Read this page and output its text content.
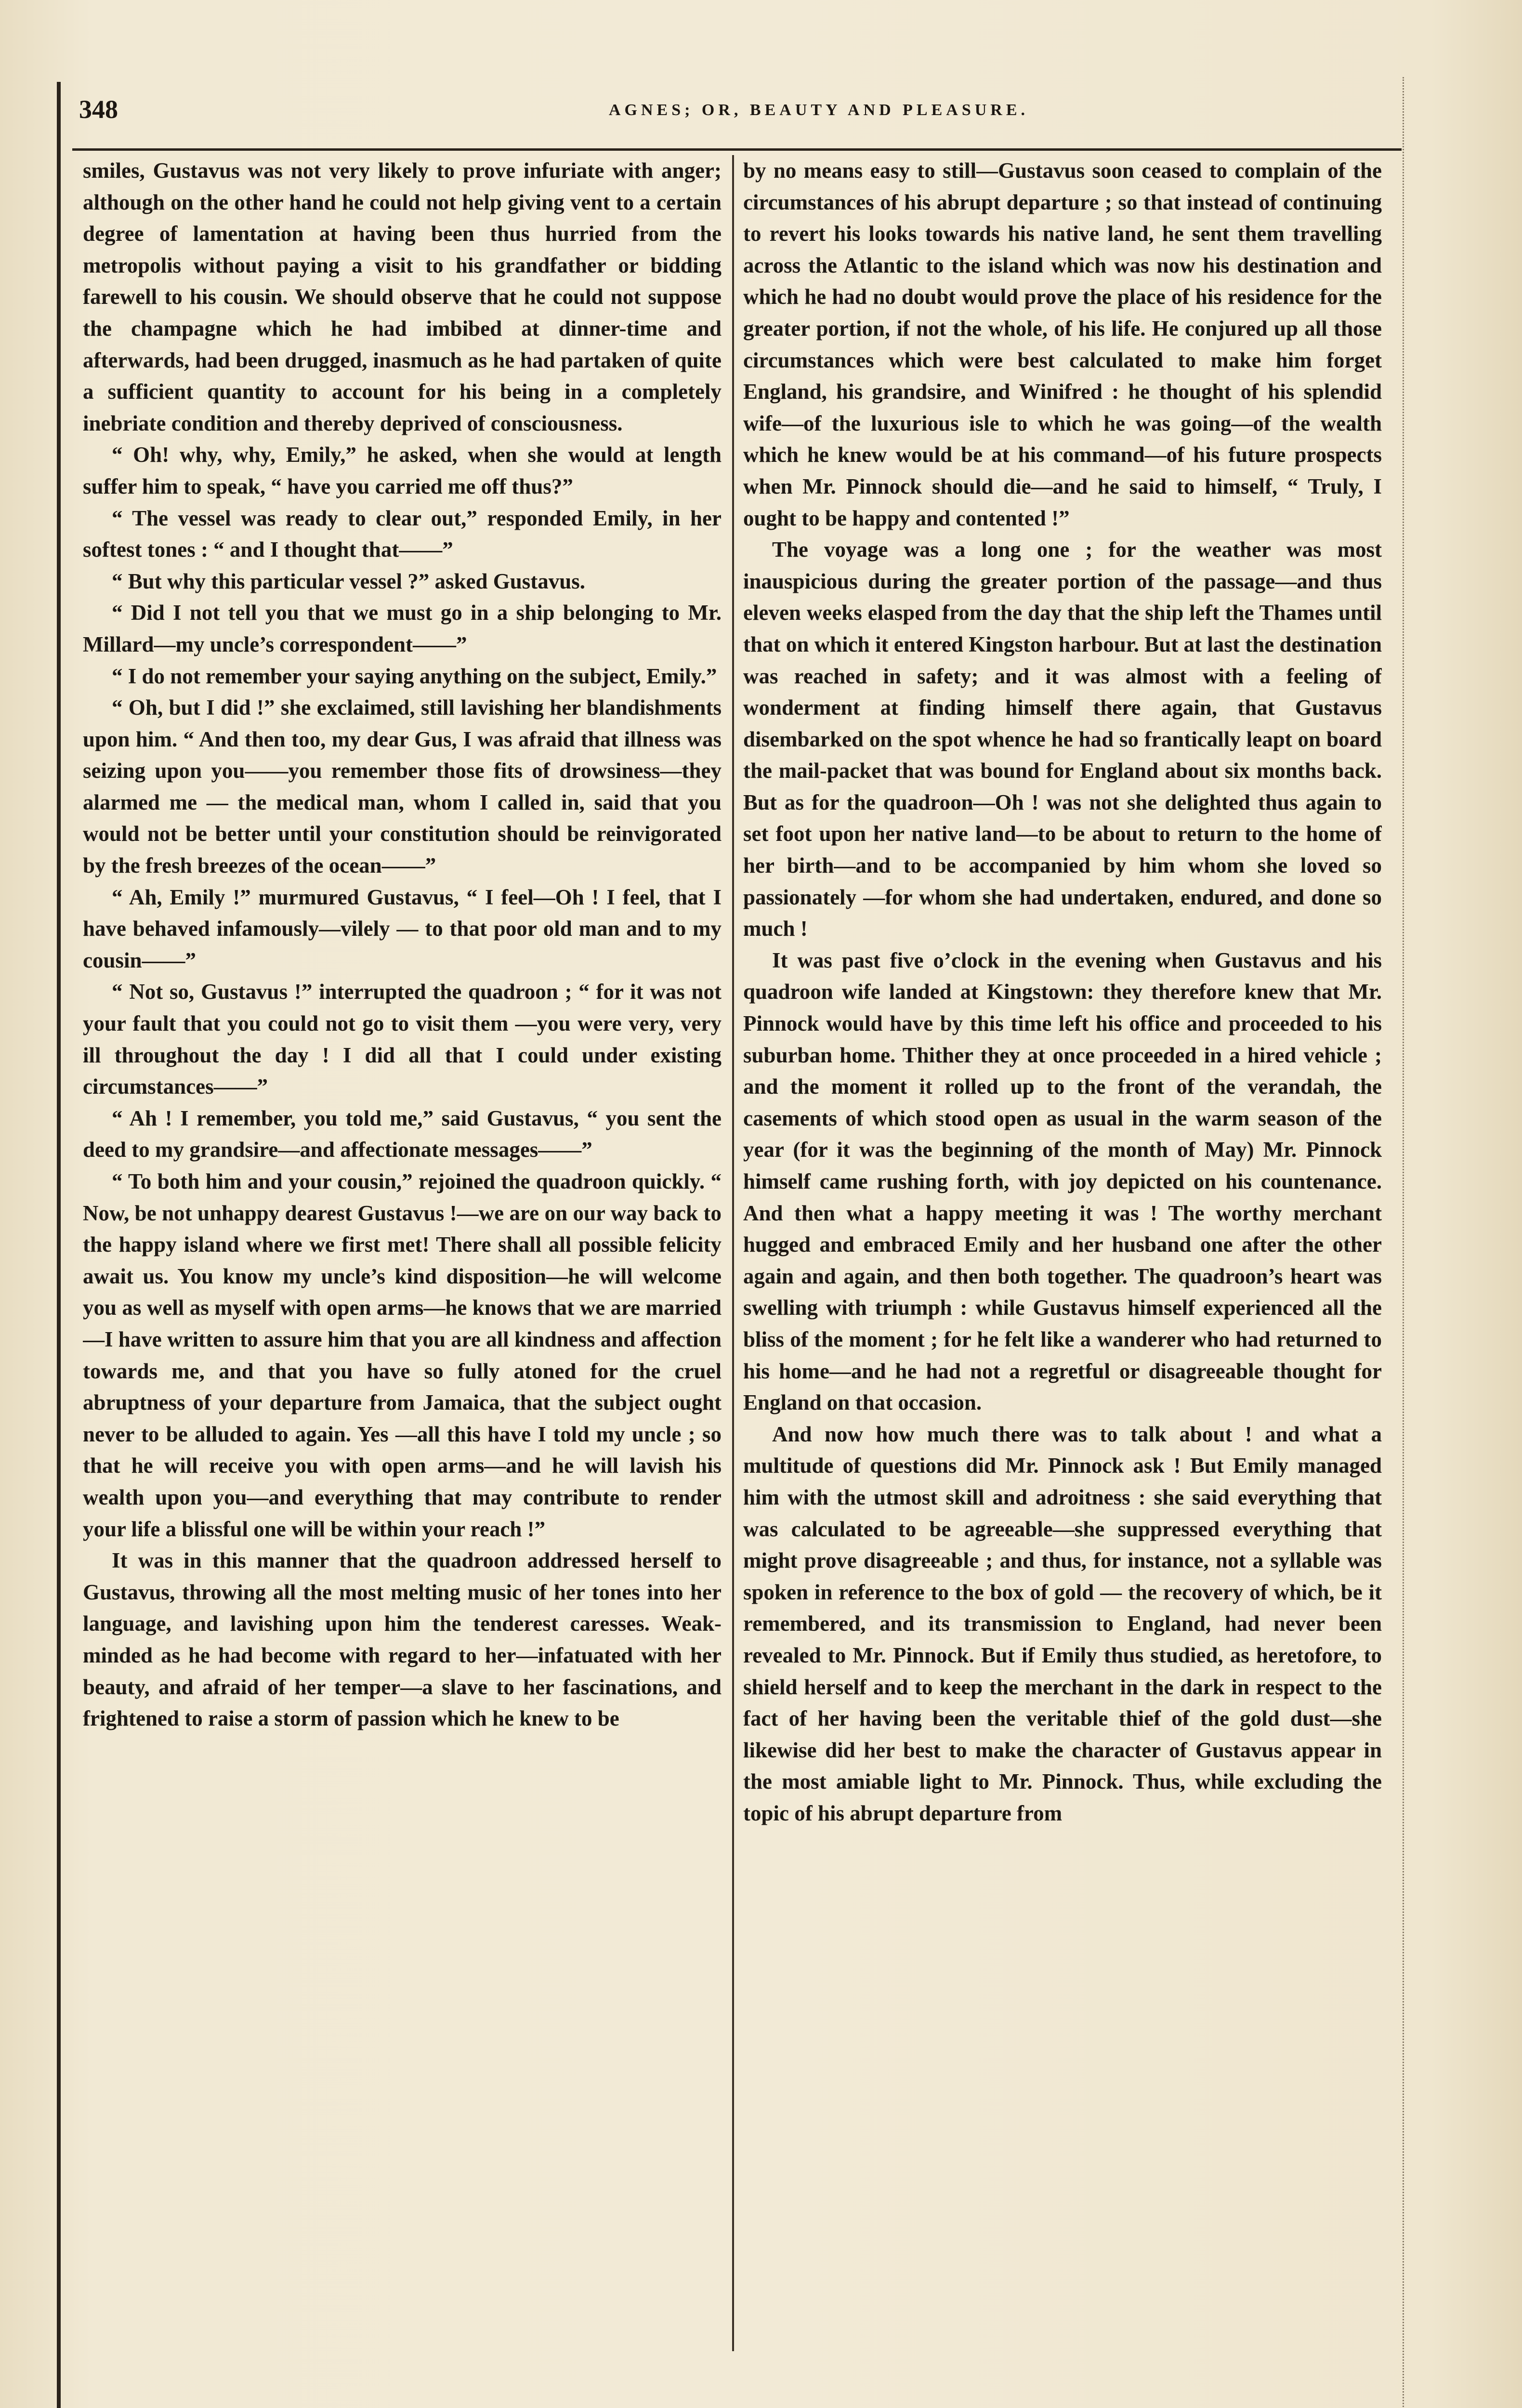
348	AGNES; OR, BEAUTY AND PLEASURE.

smiles, Gustavus was not very likely to prove infuriate with anger; although on the other hand he could not help giving vent to a certain degree of lamentation at having been thus hurried from the metropolis without paying a visit to his grandfather or bidding farewell to his cousin. We should observe that he could not suppose the champagne which he had imbibed at dinner-time and afterwards, had been drugged, inasmuch as he had partaken of quite a sufficient quantity to account for his being in a completely inebriate condition and thereby deprived of consciousness.

“ Oh! why, why, Emily,” he asked, when she would at length suffer him to speak, “ have you carried me off thus?”

“ The vessel was ready to clear out,” responded Emily, in her softest tones : “ and I thought that——”

“ But why this particular vessel ?” asked Gustavus.

“ Did I not tell you that we must go in a ship belonging to Mr. Millard—my uncle’s correspondent——”

“ I do not remember your saying anything on the subject, Emily.”

“ Oh, but I did !” she exclaimed, still lavishing her blandishments upon him. “ And then too, my dear Gus, I was afraid that illness was seizing upon you——you remember those fits of drowsiness—they alarmed me — the medical man, whom I called in, said that you would not be better until your constitution should be reinvigorated by the fresh breezes of the ocean——”

“ Ah, Emily !” murmured Gustavus, “ I feel—Oh ! I feel, that I have behaved infamously—vilely — to that poor old man and to my cousin——”

“ Not so, Gustavus !” interrupted the quadroon ; “ for it was not your fault that you could not go to visit them —you were very, very ill throughout the day ! I did all that I could under existing circumstances——”

“ Ah ! I remember, you told me,” said Gustavus, “ you sent the deed to my grandsire—and affectionate messages——”

“ To both him and your cousin,” rejoined the quadroon quickly. “ Now, be not unhappy dearest Gustavus !—we are on our way back to the happy island where we first met! There shall all possible felicity await us. You know my uncle’s kind disposition—he will welcome you as well as myself with open arms—he knows that we are married—I have written to assure him that you are all kindness and affection towards me, and that you have so fully atoned for the cruel abruptness of your departure from Jamaica, that the subject ought never to be alluded to again. Yes —all this have I told my uncle ; so that he will receive you with open arms—and he will lavish his wealth upon you—and everything that may contribute to render your life a blissful one will be within your reach !”

It was in this manner that the quadroon addressed herself to Gustavus, throwing all the most melting music of her tones into her language, and lavishing upon him the tenderest caresses. Weak-minded as he had become with regard to her—infatuated with her beauty, and afraid of her temper—a slave to her fascinations, and frightened to raise a storm of passion which he knew to be

by no means easy to still—Gustavus soon ceased to complain of the circumstances of his abrupt departure ; so that instead of continuing to revert his looks towards his native land, he sent them travelling across the Atlantic to the island which was now his destination and which he had no doubt would prove the place of his residence for the greater portion, if not the whole, of his life. He conjured up all those circumstances which were best calculated to make him forget England, his grandsire, and Winifred : he thought of his splendid wife—of the luxurious isle to which he was going—of the wealth which he knew would be at his command—of his future prospects when Mr. Pinnock should die—and he said to himself, “ Truly, I ought to be happy and contented !”

The voyage was a long one ; for the weather was most inauspicious during the greater portion of the passage—and thus eleven weeks elasped from the day that the ship left the Thames until that on which it entered Kingston harbour. But at last the destination was reached in safety; and it was almost with a feeling of wonderment at finding himself there again, that Gustavus disembarked on the spot whence he had so frantically leapt on board the mail-packet that was bound for England about six months back. But as for the quadroon—Oh ! was not she delighted thus again to set foot upon her native land—to be about to return to the home of her birth—and to be accompanied by him whom she loved so passionately —for whom she had undertaken, endured, and done so much !

It was past five o’clock in the evening when Gustavus and his quadroon wife landed at Kingstown: they therefore knew that Mr. Pinnock would have by this time left his office and proceeded to his suburban home. Thither they at once proceeded in a hired vehicle ; and the moment it rolled up to the front of the verandah, the casements of which stood open as usual in the warm season of the year (for it was the beginning of the month of May) Mr. Pinnock himself came rushing forth, with joy depicted on his countenance. And then what a happy meeting it was ! The worthy merchant hugged and embraced Emily and her husband one after the other again and again, and then both together. The quadroon’s heart was swelling with triumph : while Gustavus himself experienced all the bliss of the moment ; for he felt like a wanderer who had returned to his home—and he had not a regretful or disagreeable thought for England on that occasion.

And now how much there was to talk about ! and what a multitude of questions did Mr. Pinnock ask ! But Emily managed him with the utmost skill and adroitness : she said everything that was calculated to be agreeable—she suppressed everything that might prove disagreeable ; and thus, for instance, not a syllable was spoken in reference to the box of gold — the recovery of which, be it remembered, and its transmission to England, had never been revealed to Mr. Pinnock. But if Emily thus studied, as heretofore, to shield herself and to keep the merchant in the dark in respect to the fact of her having been the veritable thief of the gold dust—she likewise did her best to make the character of Gustavus appear in the most amiable light to Mr. Pinnock. Thus, while excluding the topic of his abrupt departure from
